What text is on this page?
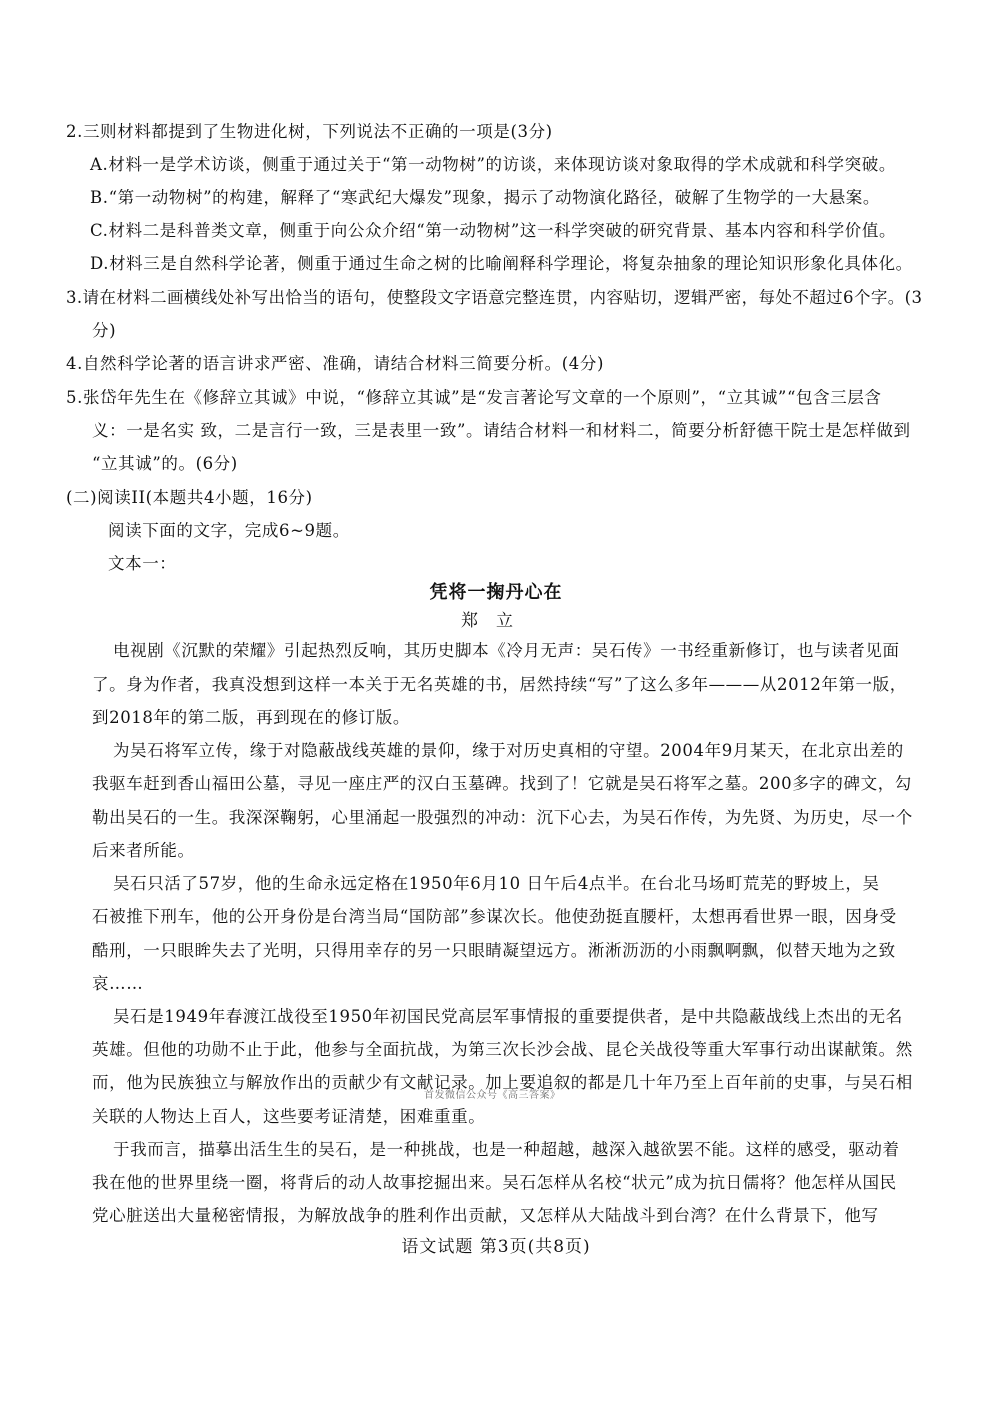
2.三则材料都提到了生物进化树，下列说法不正确的一项是(3分)
A.材料一是学术访谈，侧重于通过关于“第一动物树”的访谈，来体现访谈对象取得的学术成就和科学突破。
B.“第一动物树”的构建，解释了“寒武纪大爆发”现象，揭示了动物演化路径，破解了生物学的一大悬案。
C.材料二是科普类文章，侧重于向公众介绍“第一动物树”这一科学突破的研究背景、基本内容和科学价值。
D.材料三是自然科学论著，侧重于通过生命之树的比喻阐释科学理论，将复杂抽象的理论知识形象化具体化。
3.请在材料二画横线处补写出恰当的语句，使整段文字语意完整连贯，内容贴切，逻辑严密，每处不超过6个字。(3
分)
4.自然科学论著的语言讲求严密、准确，请结合材料三简要分析。(4分)
5.张岱年先生在《修辞立其诚》中说，“修辞立其诚”是“发言著论写文章的一个原则”，“立其诚”“包含三层含
义：一是名实 致，二是言行一致，三是表里一致”。请结合材料一和材料二，简要分析舒德干院士是怎样做到
“立其诚”的。(6分)
(二)阅读II(本题共4小题，16分)
阅读下面的文字，完成6~9题。
文本一：
凭将一掬丹心在
郑立
电视剧《沉默的荣耀》引起热烈反响，其历史脚本《冷月无声：吴石传》一书经重新修订，也与读者见面
了。身为作者，我真没想到这样一本关于无名英雄的书，居然持续“写”了这么多年———从2012年第一版，
到2018年的第二版，再到现在的修订版。
为吴石将军立传，缘于对隐蔽战线英雄的景仰，缘于对历史真相的守望。2004年9月某天，在北京出差的
我驱车赶到香山福田公墓，寻见一座庄严的汉白玉墓碑。找到了！它就是吴石将军之墓。200多字的碑文，勾
勒出吴石的一生。我深深鞠躬，心里涌起一股强烈的冲动：沉下心去，为吴石作传，为先贤、为历史，尽一个
后来者所能。
吴石只活了57岁，他的生命永远定格在1950年6月10 日午后4点半。在台北马场町荒芜的野坡上，吴
石被推下刑车，他的公开身份是台湾当局“国防部”参谋次长。他使劲挺直腰杆，太想再看世界一眼，因身受
酷刑，一只眼眸失去了光明，只得用幸存的另一只眼睛凝望远方。淅淅沥沥的小雨飘啊飘，似替天地为之致
哀……
吴石是1949年春渡江战役至1950年初国民党高层军事情报的重要提供者，是中共隐蔽战线上杰出的无名
英雄。但他的功勋不止于此，他参与全面抗战，为第三次长沙会战、昆仑关战役等重大军事行动出谋献策。然
而，他为民族独立与解放作出的贡献少有文献记录。加上要追叙的都是几十年乃至上百年前的史事，与吴石相
关联的人物达上百人，这些要考证清楚，困难重重。
首发微信公众号《高三答案》
于我而言，描摹出活生生的吴石，是一种挑战，也是一种超越，越深入越欲罢不能。这样的感受，驱动着
我在他的世界里绕一圈，将背后的动人故事挖掘出来。吴石怎样从名校“状元”成为抗日儒将？他怎样从国民
党心脏送出大量秘密情报，为解放战争的胜利作出贡献，又怎样从大陆战斗到台湾？在什么背景下，他写
语文试题 第3页(共8页)
